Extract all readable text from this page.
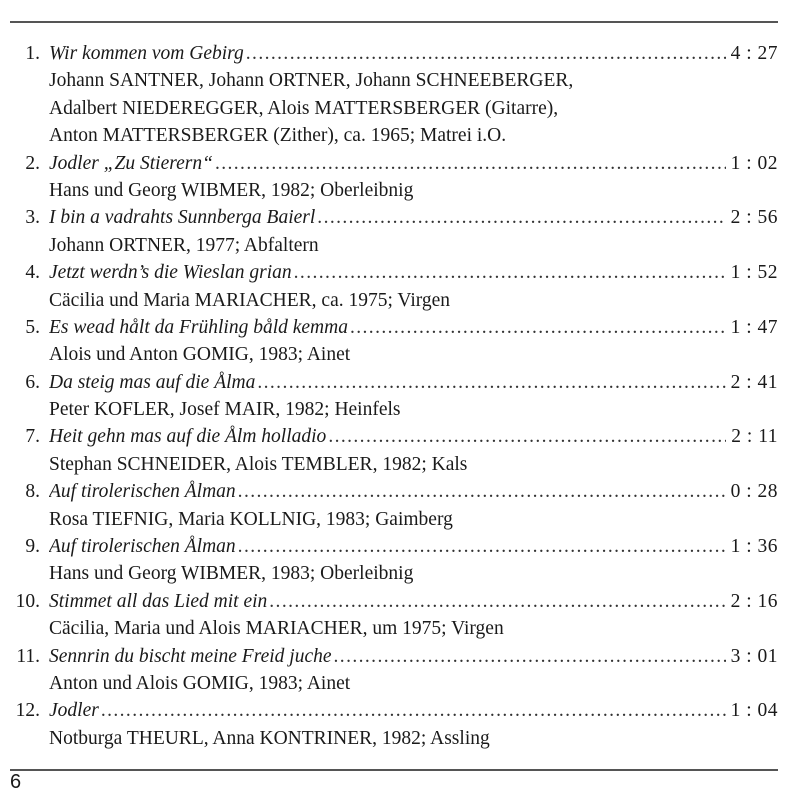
1. Wir kommen vom Gebirg .....	4 : 27
Johann SANTNER, Johann ORTNER, Johann SCHNEEBERGER,
Adalbert NIEDEREGGER, Alois MATTERSBERGER (Gitarre),
Anton MATTERSBERGER (Zither), ca. 1965; Matrei i.O.
2. Jodler „Zu Stierern“ .....	1 : 02
Hans und Georg WIBMER, 1982; Oberleibnig
3. I bin a vadrahts Sunnberga Baierl .....	2 : 56
Johann ORTNER, 1977; Abfaltern
4. Jetzt werdn’s die Wieslan grian .....	1 : 52
Cäcilia und Maria MARIACHER, ca. 1975; Virgen
5. Es wead hålt da Frühling båld kemma .....	1 : 47
Alois und Anton GOMIG, 1983; Ainet
6. Da steig mas auf die Ålma .....	2 : 41
Peter KOFLER, Josef MAIR, 1982; Heinfels
7. Heit gehn mas auf die Ålm holladio .....	2 : 11
Stephan SCHNEIDER, Alois TEMBLER, 1982; Kals
8. Auf tirolerischen Ålman .....	0 : 28
Rosa TIEFNIG, Maria KOLLNIG, 1983; Gaimberg
9. Auf tirolerischen Ålman .....	1 : 36
Hans und Georg WIBMER, 1983; Oberleibnig
10. Stimmet all das Lied mit ein .....	2 : 16
Cäcilia, Maria und Alois MARIACHER, um 1975; Virgen
11. Sennrin du bischt meine Freid juche .....	3 : 01
Anton und Alois GOMIG, 1983; Ainet
12. Jodler .....	1 : 04
Notburga THEURL, Anna KONTRINER, 1982; Assling
6
